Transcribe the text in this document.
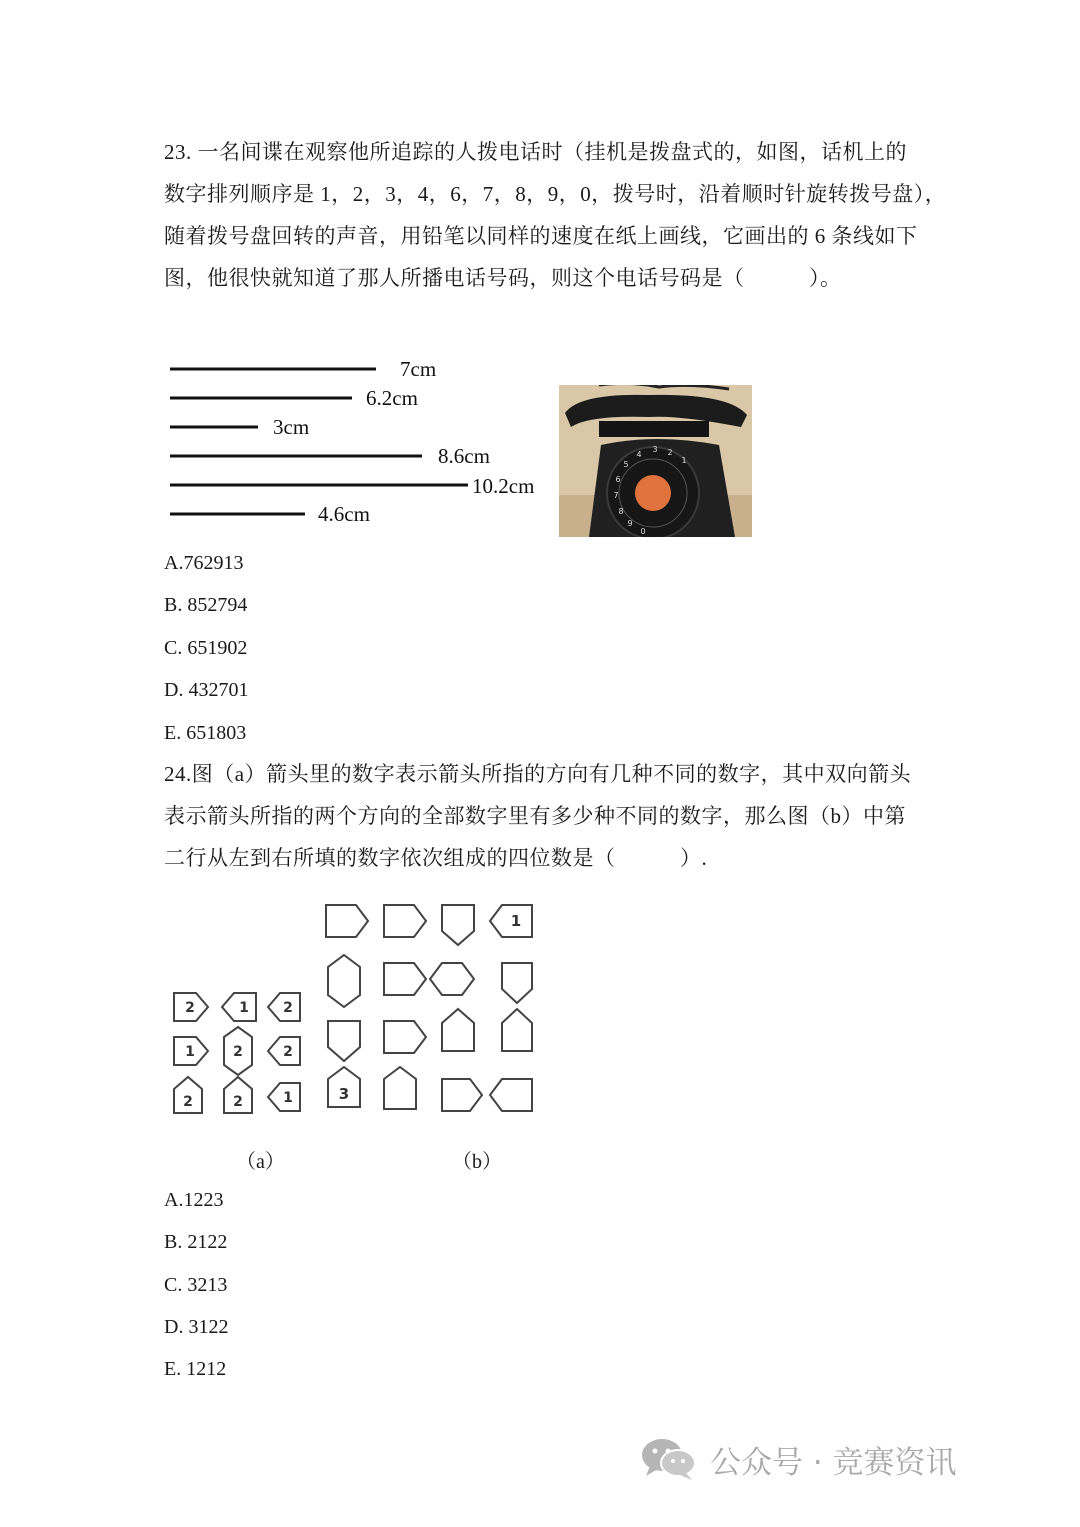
23. 一名间谍在观察他所追踪的人拨电话时（挂机是拨盘式的，如图，话机上的

数字排列顺序是 1，2，3，4，6，7，8，9，0，拨号时，沿着顺时针旋转拨号盘），

随着拨号盘回转的声音，用铅笔以同样的速度在纸上画线，它画出的 6 条线如下

图，他很快就知道了那人所播电话号码，则这个电话号码是（　　　）。

7cm
6.2cm
3cm
8.6cm
10.2cm
4.6cm
1
2
3
4
5
6
7
8
9
0
A.762913
B. 852794
C. 651902
D. 432701
E. 651803

24.图（a）箭头里的数字表示箭头所指的方向有几种不同的数字，其中双向箭头

表示箭头所指的两个方向的全部数字里有多少种不同的数字，那么图（b）中第

二行从左到右所填的数字依次组成的四位数是（　　　）.

2	1 2
1	2	2
2	2	1
1
3
（a）	（b）
A.1223
B. 2122
C. 3213
D. 3122
E. 1212
公众号 · 竞赛资讯
